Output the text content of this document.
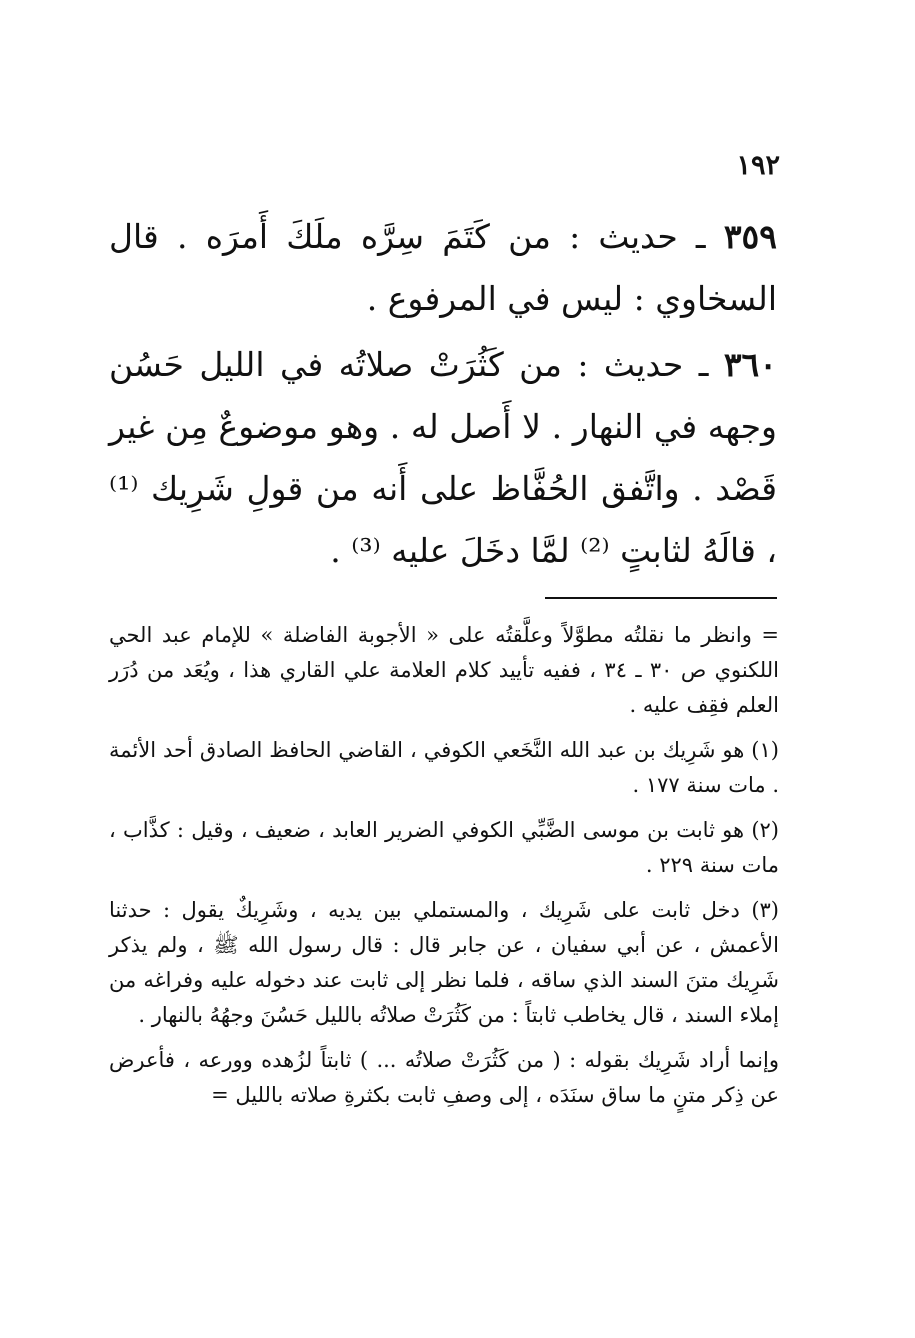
١٩٢

٣٥٩ ـ حديث : من كَتَمَ سِرَّه ملَكَ أَمرَه . قال السخاوي : ليس في المرفوع .

٣٦٠ ـ حديث : من كَثُرَتْ صلاتُه في الليل حَسُن وجهه في النهار . لا أَصل له . وهو موضوعٌ مِن غير قَصْد . واتَّفق الحُفَّاظ على أَنه من قولِ شَرِيك ⁽¹⁾ ، قالَهُ لثابتٍ ⁽²⁾ لمَّا دخَلَ عليه ⁽³⁾ .

= وانظر ما نقلتُه مطوَّلاً وعلَّقتُه على « الأجوبة الفاضلة » للإمام عبد الحي اللكنوي ص ٣٠ ـ ٣٤ ، ففيه تأييد كلام العلامة علي القاري هذا ، ويُعَد من دُرَر العلم فقِف عليه .

(١) هو شَرِيك بن عبد الله النَّخَعي الكوفي ، القاضي الحافظ الصادق أحد الأئمة . مات سنة ١٧٧ .

(٢) هو ثابت بن موسى الضَّبِّي الكوفي الضرير العابد ، ضعيف ، وقيل : كذَّاب ، مات سنة ٢٢٩ .

(٣) دخل ثابت على شَرِيك ، والمستملي بين يديه ، وشَرِيكٌ يقول : حدثنا الأعمش ، عن أبي سفيان ، عن جابر قال : قال رسول الله ﷺ ، ولم يذكر شَرِيك متنَ السند الذي ساقه ، فلما نظر إلى ثابت عند دخوله عليه وفراغه من إملاء السند ، قال يخاطب ثابتاً : من كَثُرَتْ صلاتُه بالليل حَسُنَ وجهُهُ بالنهار .

وإنما أراد شَرِيك بقوله : ( من كَثُرَتْ صلاتُه ... ) ثابتاً لزُهده وورعه ، فأعرض عن ذِكر متنٍ ما ساق سنَدَه ، إلى وصفِ ثابت بكثرةِ صلاته بالليل =
